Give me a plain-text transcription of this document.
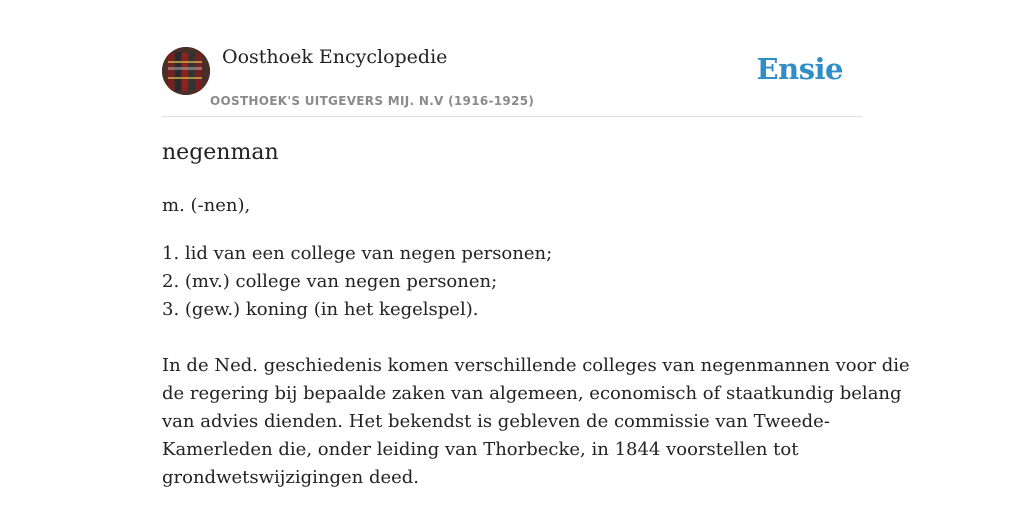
Oosthoek Encyclopedie
OOSTHOEK'S UITGEVERS MIJ. N.V (1916-1925)
Ensie
negenman
m. (-nen),
1. lid van een college van negen personen;
2. (mv.) college van negen personen;
3. (gew.) koning (in het kegelspel).
In de Ned. geschiedenis komen verschillende colleges van negenmannen voor die
de regering bij bepaalde zaken van algemeen, economisch of staatkundig belang
van advies dienden. Het bekendst is gebleven de commissie van Tweede-
Kamerleden die, onder leiding van Thorbecke, in 1844 voorstellen tot
grondwetswijzigingen deed.
